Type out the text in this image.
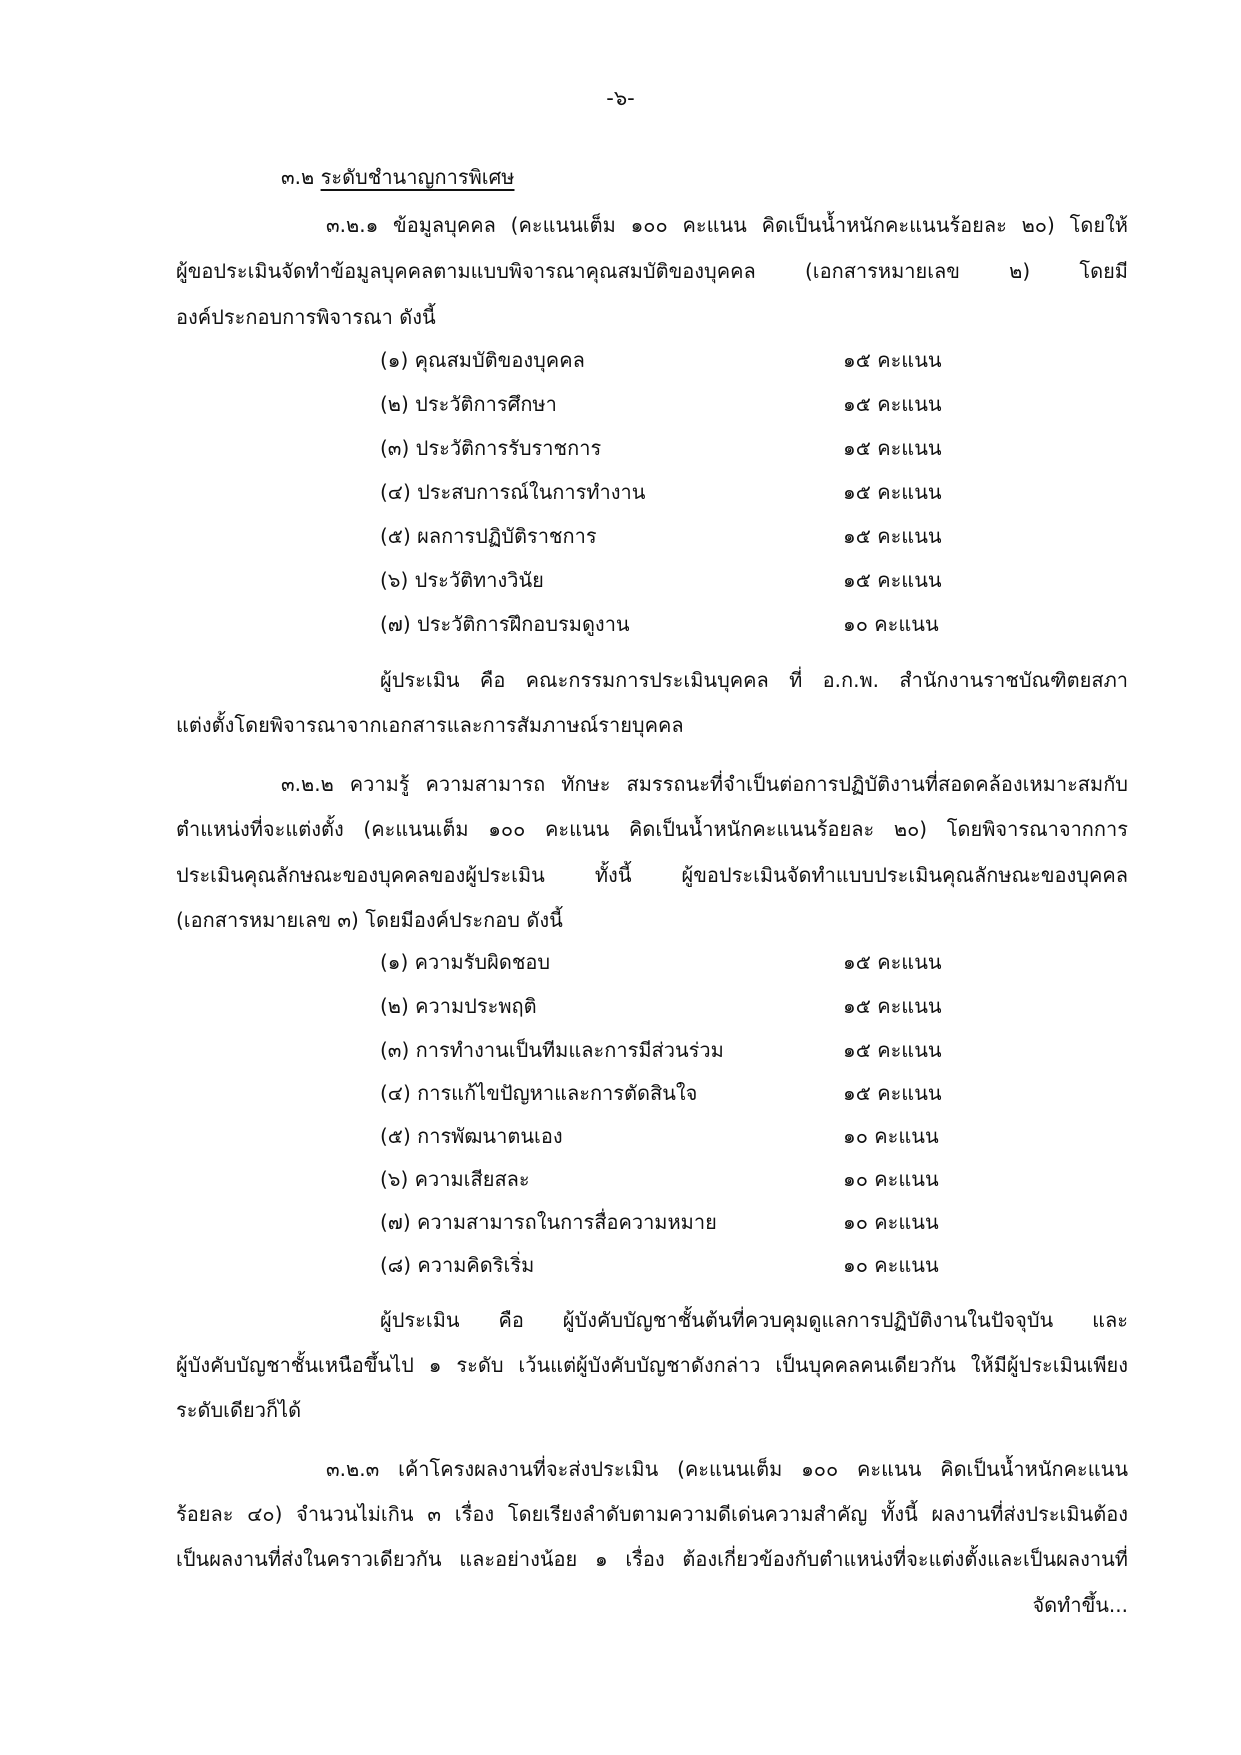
-๖-
๓.๒ ระดับชำนาญการพิเศษ
๓.๒.๑ ข้อมูลบุคคล (คะแนนเต็ม ๑๐๐ คะแนน คิดเป็นน้ำหนักคะแนนร้อยละ ๒๐) โดยให้
ผู้ขอประเมินจัดทำข้อมูลบุคคลตามแบบพิจารณาคุณสมบัติของบุคคล (เอกสารหมายเลข ๒) โดยมี
องค์ประกอบการพิจารณา ดังนี้
(๑) คุณสมบัติของบุคคล	๑๕ คะแนน
(๒) ประวัติการศึกษา	๑๕ คะแนน
(๓) ประวัติการรับราชการ	๑๕ คะแนน
(๔) ประสบการณ์ในการทำงาน	๑๕ คะแนน
(๕) ผลการปฏิบัติราชการ	๑๕ คะแนน
(๖) ประวัติทางวินัย	๑๕ คะแนน
(๗) ประวัติการฝึกอบรมดูงาน	๑๐ คะแนน
ผู้ประเมิน คือ คณะกรรมการประเมินบุคคล ที่ อ.ก.พ. สำนักงานราชบัณฑิตยสภา
แต่งตั้งโดยพิจารณาจากเอกสารและการสัมภาษณ์รายบุคคล
๓.๒.๒ ความรู้ ความสามารถ ทักษะ สมรรถนะที่จำเป็นต่อการปฏิบัติงานที่สอดคล้องเหมาะสมกับ
ตำแหน่งที่จะแต่งตั้ง (คะแนนเต็ม ๑๐๐ คะแนน คิดเป็นน้ำหนักคะแนนร้อยละ ๒๐) โดยพิจารณาจากการ
ประเมินคุณลักษณะของบุคคลของผู้ประเมิน ทั้งนี้ ผู้ขอประเมินจัดทำแบบประเมินคุณลักษณะของบุคคล
(เอกสารหมายเลข ๓) โดยมีองค์ประกอบ ดังนี้
(๑) ความรับผิดชอบ	๑๕ คะแนน
(๒) ความประพฤติ	๑๕ คะแนน
(๓) การทำงานเป็นทีมและการมีส่วนร่วม	๑๕ คะแนน
(๔) การแก้ไขปัญหาและการตัดสินใจ	๑๕ คะแนน
(๕) การพัฒนาตนเอง	๑๐ คะแนน
(๖) ความเสียสละ	๑๐ คะแนน
(๗) ความสามารถในการสื่อความหมาย	๑๐ คะแนน
(๘) ความคิดริเริ่ม	๑๐ คะแนน
ผู้ประเมิน คือ ผู้บังคับบัญชาชั้นต้นที่ควบคุมดูแลการปฏิบัติงานในปัจจุบัน และ
ผู้บังคับบัญชาชั้นเหนือขึ้นไป ๑ ระดับ เว้นแต่ผู้บังคับบัญชาดังกล่าว เป็นบุคคลคนเดียวกัน ให้มีผู้ประเมินเพียง
ระดับเดียวก็ได้
๓.๒.๓ เค้าโครงผลงานที่จะส่งประเมิน (คะแนนเต็ม ๑๐๐ คะแนน คิดเป็นน้ำหนักคะแนน
ร้อยละ ๔๐) จำนวนไม่เกิน ๓ เรื่อง โดยเรียงลำดับตามความดีเด่นความสำคัญ ทั้งนี้ ผลงานที่ส่งประเมินต้อง
เป็นผลงานที่ส่งในคราวเดียวกัน และอย่างน้อย ๑ เรื่อง ต้องเกี่ยวข้องกับตำแหน่งที่จะแต่งตั้งและเป็นผลงานที่
จัดทำขึ้น...
